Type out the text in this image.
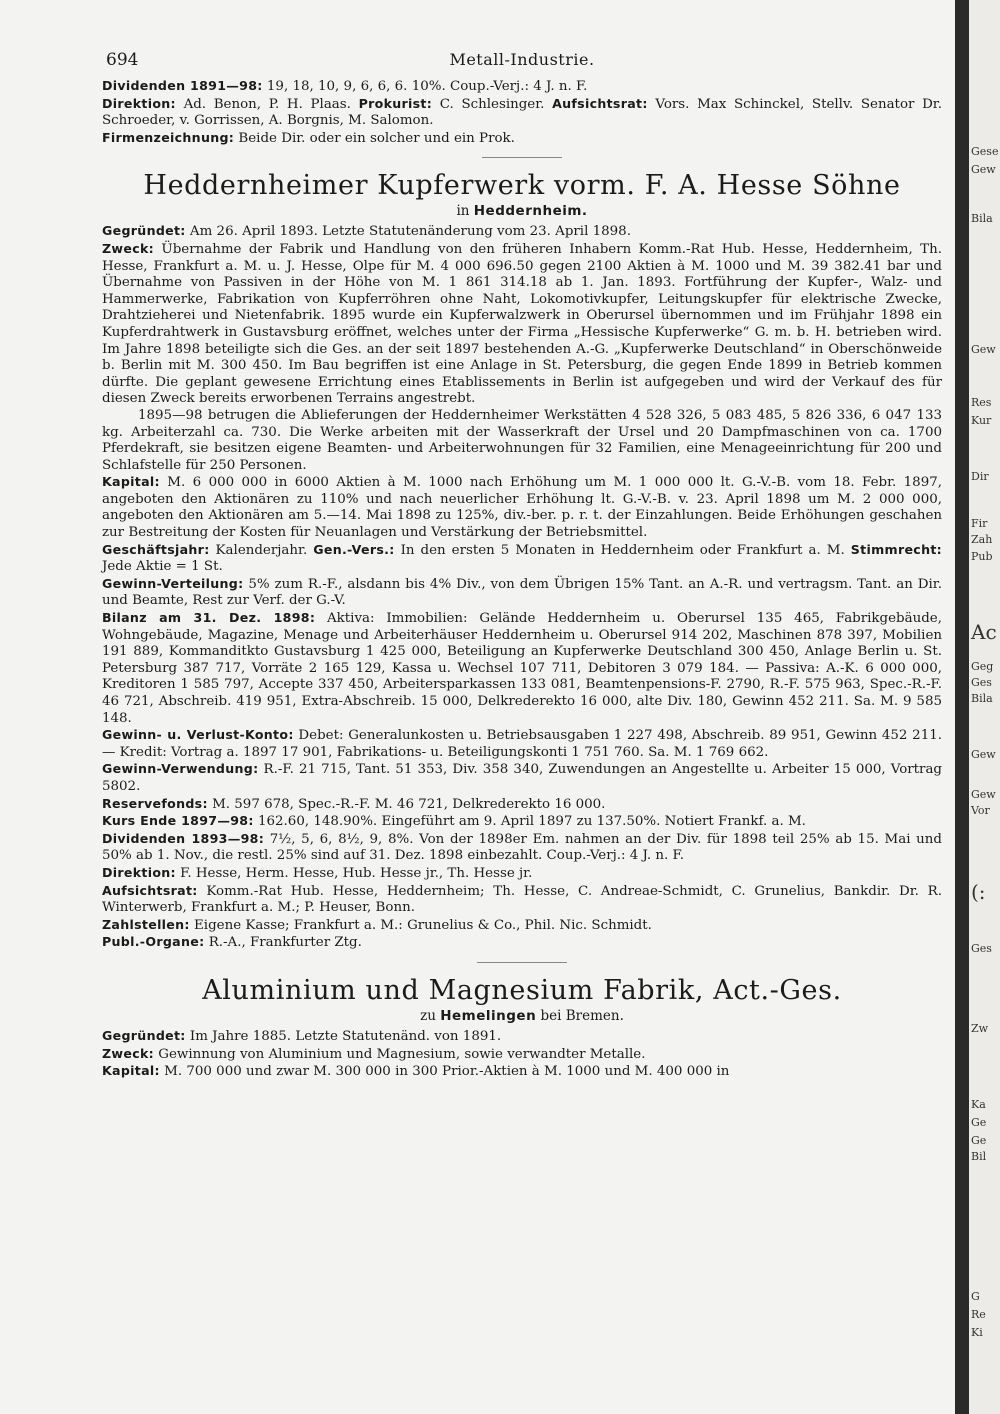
694	Metall-Industrie.

Dividenden 1891—98: 19, 18, 10, 9, 6, 6, 6. 10%. Coup.-Verj.: 4 J. n. F.

Direktion: Ad. Benon, P. H. Plaas. Prokurist: C. Schlesinger. Aufsichtsrat: Vors. Max Schinckel, Stellv. Senator Dr. Schroeder, v. Gorrissen, A. Borgnis, M. Salomon.

Firmenzeichnung: Beide Dir. oder ein solcher und ein Prok.

Heddernheimer Kupferwerk vorm. F. A. Hesse Söhne
in Heddernheim.

Gegründet: Am 26. April 1893. Letzte Statutenänderung vom 23. April 1898.

Zweck: Übernahme der Fabrik und Handlung von den früheren Inhabern Komm.-Rat Hub. Hesse, Heddernheim, Th. Hesse, Frankfurt a. M. u. J. Hesse, Olpe für M. 4 000 696.50 gegen 2100 Aktien à M. 1000 und M. 39 382.41 bar und Übernahme von Passiven in der Höhe von M. 1 861 314.18 ab 1. Jan. 1893. Fortführung der Kupfer-, Walz- und Hammerwerke, Fabrikation von Kupferröhren ohne Naht, Lokomotivkupfer, Leitungskupfer für elektrische Zwecke, Drahtzieherei und Nietenfabrik. 1895 wurde ein Kupferwalzwerk in Oberursel übernommen und im Frühjahr 1898 ein Kupferdrahtwerk in Gustavsburg eröffnet, welches unter der Firma „Hessische Kupferwerke“ G. m. b. H. betrieben wird. Im Jahre 1898 beteiligte sich die Ges. an der seit 1897 bestehenden A.-G. „Kupferwerke Deutschland“ in Oberschönweide b. Berlin mit M. 300 450. Im Bau begriffen ist eine Anlage in St. Petersburg, die gegen Ende 1899 in Betrieb kommen dürfte. Die geplant gewesene Errichtung eines Etablissements in Berlin ist aufgegeben und wird der Verkauf des für diesen Zweck bereits erworbenen Terrains angestrebt.

1895—98 betrugen die Ablieferungen der Heddernheimer Werkstätten 4 528 326, 5 083 485, 5 826 336, 6 047 133 kg. Arbeiterzahl ca. 730. Die Werke arbeiten mit der Wasserkraft der Ursel und 20 Dampfmaschinen von ca. 1700 Pferdekraft, sie besitzen eigene Beamten- und Arbeiterwohnungen für 32 Familien, eine Menageeinrichtung für 200 und Schlafstelle für 250 Personen.

Kapital: M. 6 000 000 in 6000 Aktien à M. 1000 nach Erhöhung um M. 1 000 000 lt. G.-V.-B. vom 18. Febr. 1897, angeboten den Aktionären zu 110% und nach neuerlicher Erhöhung lt. G.-V.-B. v. 23. April 1898 um M. 2 000 000, angeboten den Aktionären am 5.—14. Mai 1898 zu 125%, div.-ber. p. r. t. der Einzahlungen. Beide Erhöhungen geschahen zur Bestreitung der Kosten für Neuanlagen und Verstärkung der Betriebsmittel.

Geschäftsjahr: Kalenderjahr. Gen.-Vers.: In den ersten 5 Monaten in Heddernheim oder Frankfurt a. M. Stimmrecht: Jede Aktie = 1 St.

Gewinn-Verteilung: 5% zum R.-F., alsdann bis 4% Div., von dem Übrigen 15% Tant. an A.-R. und vertragsm. Tant. an Dir. und Beamte, Rest zur Verf. der G.-V.

Bilanz am 31. Dez. 1898: Aktiva: Immobilien: Gelände Heddernheim u. Oberursel 135 465, Fabrikgebäude, Wohngebäude, Magazine, Menage und Arbeiterhäuser Heddernheim u. Oberursel 914 202, Maschinen 878 397, Mobilien 191 889, Kommanditkto Gustavsburg 1 425 000, Beteiligung an Kupferwerke Deutschland 300 450, Anlage Berlin u. St. Petersburg 387 717, Vorräte 2 165 129, Kassa u. Wechsel 107 711, Debitoren 3 079 184. — Passiva: A.-K. 6 000 000, Kreditoren 1 585 797, Accepte 337 450, Arbeitersparkassen 133 081, Beamtenpensions-F. 2790, R.-F. 575 963, Spec.-R.-F. 46 721, Abschreib. 419 951, Extra-Abschreib. 15 000, Delkrederekto 16 000, alte Div. 180, Gewinn 452 211. Sa. M. 9 585 148.

Gewinn- u. Verlust-Konto: Debet: Generalunkosten u. Betriebsausgaben 1 227 498, Abschreib. 89 951, Gewinn 452 211. — Kredit: Vortrag a. 1897 17 901, Fabrikations- u. Beteiligungskonti 1 751 760. Sa. M. 1 769 662.

Gewinn-Verwendung: R.-F. 21 715, Tant. 51 353, Div. 358 340, Zuwendungen an Angestellte u. Arbeiter 15 000, Vortrag 5802.

Reservefonds: M. 597 678, Spec.-R.-F. M. 46 721, Delkrederekto 16 000.

Kurs Ende 1897—98: 162.60, 148.90%. Eingeführt am 9. April 1897 zu 137.50%. Notiert Frankf. a. M.

Dividenden 1893—98: 7½, 5, 6, 8½, 9, 8%. Von der 1898er Em. nahmen an der Div. für 1898 teil 25% ab 15. Mai und 50% ab 1. Nov., die restl. 25% sind auf 31. Dez. 1898 einbezahlt. Coup.-Verj.: 4 J. n. F.

Direktion: F. Hesse, Herm. Hesse, Hub. Hesse jr., Th. Hesse jr.

Aufsichtsrat: Komm.-Rat Hub. Hesse, Heddernheim; Th. Hesse, C. Andreae-Schmidt, C. Grunelius, Bankdir. Dr. R. Winterwerb, Frankfurt a. M.; P. Heuser, Bonn.

Zahlstellen: Eigene Kasse; Frankfurt a. M.: Grunelius & Co., Phil. Nic. Schmidt.

Publ.-Organe: R.-A., Frankfurter Ztg.

Aluminium und Magnesium Fabrik, Act.-Ges.
zu Hemelingen bei Bremen.

Gegründet: Im Jahre 1885. Letzte Statutenänd. von 1891.

Zweck: Gewinnung von Aluminium und Magnesium, sowie verwandter Metalle.

Kapital: M. 700 000 und zwar M. 300 000 in 300 Prior.-Aktien à M. 1000 und M. 400 000 in

Gese
Gew
Bila
Gew
Res
Kur
Dir
Fir
Zah
Pub
Ac
Geg
Ges
Bila
Gew
Gew
Vor
(:
Ges
Zw
Ka
Ge
Ge
Bil
G
Re
Ki
